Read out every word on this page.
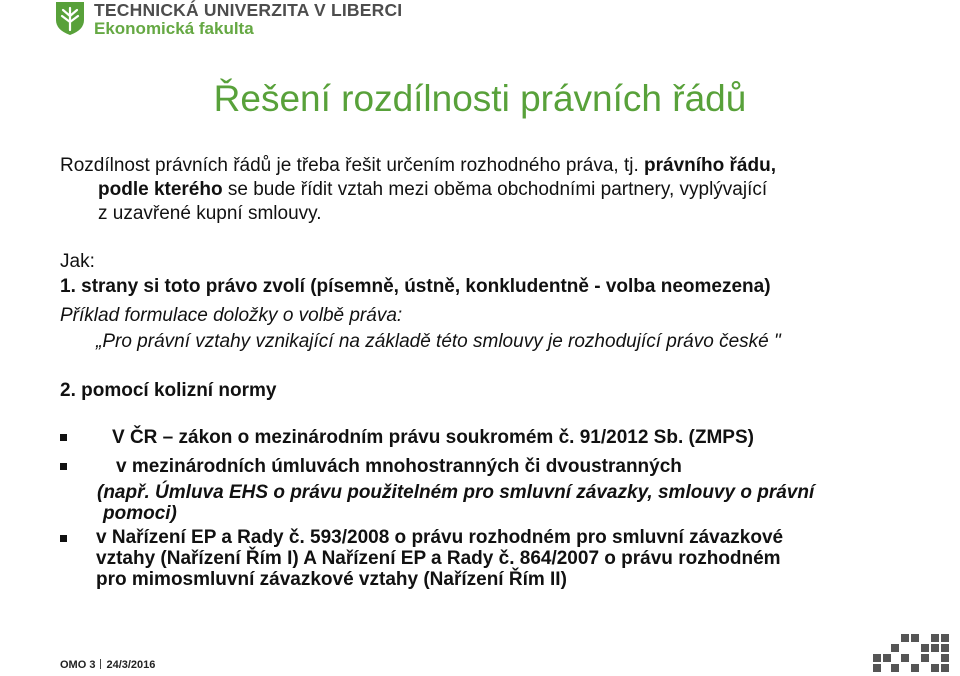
TECHNICKÁ UNIVERZITA V LIBERCI
Ekonomická fakulta
Řešení rozdílnosti právních řádů
Rozdílnost právních řádů je třeba řešit určením rozhodného práva, tj. právního řádu,
podle kterého se bude řídit vztah mezi oběma obchodními partnery, vyplývající
z uzavřené kupní smlouvy.
Jak:
1. strany si toto právo zvolí (písemně, ústně, konkludentně - volba neomezena)
Příklad formulace doložky o volbě práva:
„Pro právní vztahy vznikající na základě této smlouvy je rozhodující právo české "
2. pomocí kolizní normy
V ČR – zákon o mezinárodním právu soukromém č. 91/2012 Sb. (ZMPS)
v mezinárodních úmluvách mnohostranných či dvoustranných
(např. Úmluva EHS o právu použitelném pro smluvní závazky, smlouvy o právní
pomoci)
v Nařízení EP a Rady č. 593/2008 o právu rozhodném pro smluvní závazkové
vztahy (Nařízení Řím I) A Nařízení EP a Rady č. 864/2007 o právu rozhodném
pro mimosmluvní závazkové vztahy (Nařízení Řím II)
OMO 3 24/3/2016
